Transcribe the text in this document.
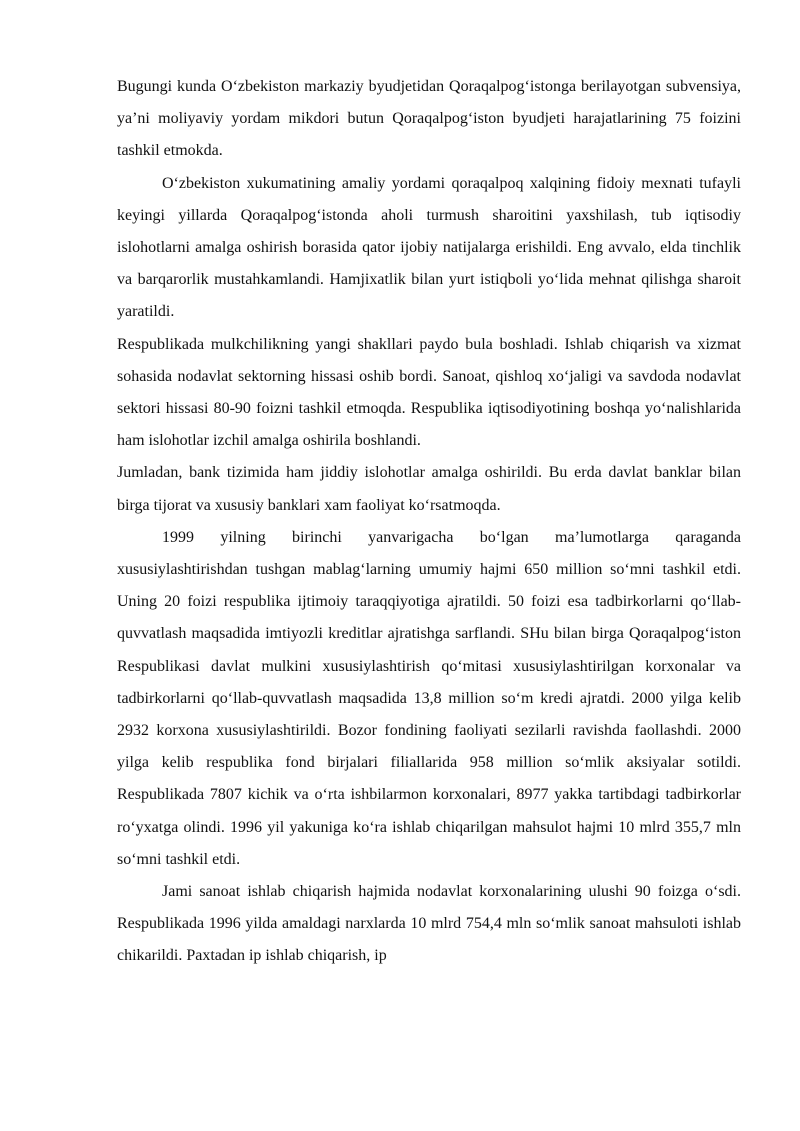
Bugungi kunda O‘zbekiston markaziy byudjetidan Qoraqalpog‘istonga berilayotgan subvensiya, ya’ni moliyaviy yordam mikdori butun Qoraqalpog‘iston byudjeti harajatlarining 75 foizini tashkil etmokda.

O‘zbekiston xukumatining amaliy yordami qoraqalpoq xalqining fidoiy mexnati tufayli keyingi yillarda Qoraqalpog‘istonda aholi turmush sharoitini yaxshilash, tub iqtisodiy islohotlarni amalga oshirish borasida qator ijobiy natijalarga erishildi. Eng avvalo, elda tinchlik va barqarorlik mustahkamlandi. Hamjixatlik bilan yurt istiqboli yo‘lida mehnat qilishga sharoit yaratildi.

Respublikada mulkchilikning yangi shakllari paydo bula boshladi. Ishlab chiqarish va xizmat sohasida nodavlat sektorning hissasi oshib bordi. Sanoat, qishloq xo‘jaligi va savdoda nodavlat sektori hissasi 80-90 foizni tashkil etmoqda. Respublika iqtisodiyotining boshqa yo‘nalishlarida ham islohotlar izchil amalga oshirila boshlandi.

Jumladan, bank tizimida ham jiddiy islohotlar amalga oshirildi. Bu erda davlat banklar bilan birga tijorat va xususiy banklari xam faoliyat ko‘rsatmoqda.

1999 yilning birinchi yanvarigacha bo‘lgan ma’lumotlarga qaraganda xususiylashtirishdan tushgan mablag‘larning umumiy hajmi 650 million so‘mni tashkil etdi. Uning 20 foizi respublika ijtimoiy taraqqiyotiga ajratildi. 50 foizi esa tadbirkorlarni qo‘llab-quvvatlash maqsadida imtiyozli kreditlar ajratishga sarflandi. SHu bilan birga Qoraqalpog‘iston Respublikasi davlat mulkini xususiylashtirish qo‘mitasi xususiylashtirilgan korxonalar va tadbirkorlarni qo‘llab-quvvatlash maqsadida 13,8 million so‘m kredi ajratdi. 2000 yilga kelib 2932 korxona xususiylashtirildi. Bozor fondining faoliyati sezilarli ravishda faollashdi. 2000 yilga kelib respublika fond birjalari filiallarida 958 million so‘mlik aksiyalar sotildi. Respublikada 7807 kichik va o‘rta ishbilarmon korxonalari, 8977 yakka tartibdagi tadbirkorlar ro‘yxatga olindi. 1996 yil yakuniga ko‘ra ishlab chiqarilgan mahsulot hajmi 10 mlrd 355,7 mln so‘mni tashkil etdi.

Jami sanoat ishlab chiqarish hajmida nodavlat korxonalarining ulushi 90 foizga o‘sdi. Respublikada 1996 yilda amaldagi narxlarda 10 mlrd 754,4 mln so‘mlik sanoat mahsuloti ishlab chikarildi. Paxtadan ip ishlab chiqarish, ip
